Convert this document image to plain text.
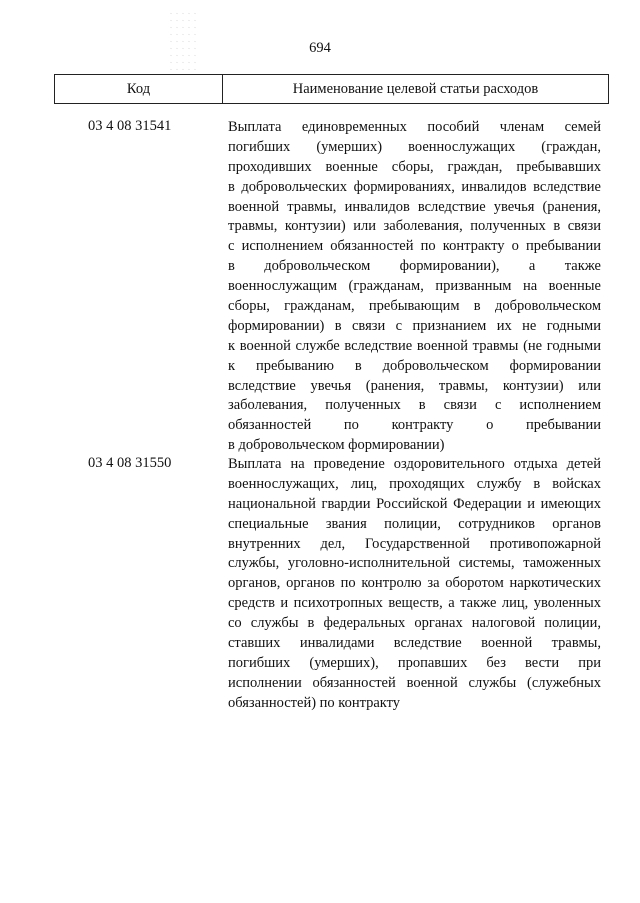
694
Код	Наименование целевой статьи расходов
03 4 08 31541	Выплата единовременных пособий членам семей
погибших (умерших) военнослужащих (граждан,
проходивших военные сборы, граждан, пребывавших
в добровольческих формированиях, инвалидов вследствие
военной травмы, инвалидов вследствие увечья (ранения,
травмы, контузии) или заболевания, полученных в связи
с исполнением обязанностей по контракту о пребывании
в добровольческом формировании), а также
военнослужащим (гражданам, призванным на военные
сборы, гражданам, пребывающим в добровольческом
формировании) в связи с признанием их не годными
к военной службе вследствие военной травмы (не годными
к пребыванию в добровольческом формировании
вследствие увечья (ранения, травмы, контузии) или
заболевания, полученных в связи с исполнением
обязанностей по контракту о пребывании
в добровольческом формировании)
03 4 08 31550	Выплата на проведение оздоровительного отдыха детей
военнослужащих, лиц, проходящих службу в войсках
национальной гвардии Российской Федерации и имеющих
специальные звания полиции, сотрудников органов
внутренних дел, Государственной противопожарной
службы, уголовно-исполнительной системы, таможенных
органов, органов по контролю за оборотом наркотических
средств и психотропных веществ, а также лиц, уволенных
со службы в федеральных органах налоговой полиции,
ставших инвалидами вследствие военной травмы,
погибших (умерших), пропавших без вести при
исполнении обязанностей военной службы (служебных
обязанностей) по контракту
